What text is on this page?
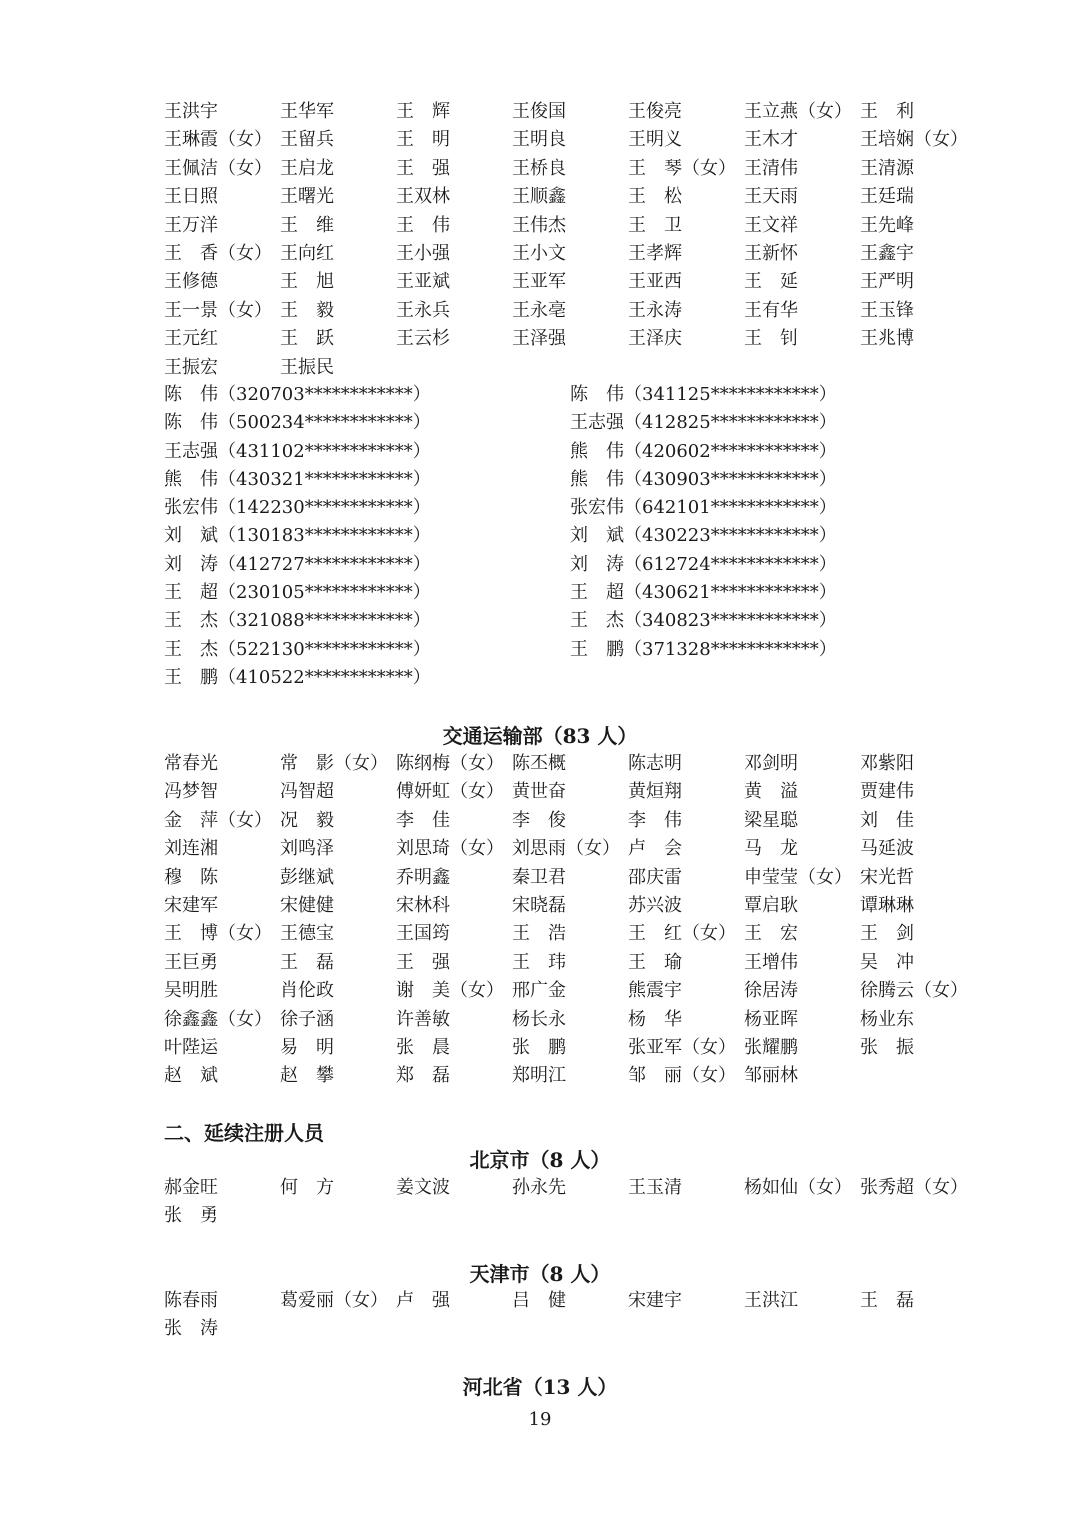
王洪宇	王华军	王　辉	王俊国	王俊亮	王立燕（女） 王　利
王琳霞（女） 王留兵	王　明	王明良	王明义	王木才	王培娴（女）
王佩洁（女） 王启龙	王　强	王桥良	王　琴（女） 王清伟	王清源
王日照	王曙光	王双林	王顺鑫	王　松	王天雨	王廷瑞
王万洋	王　维	王　伟	王伟杰	王　卫	王文祥	王先峰
王　香（女） 王向红	王小强	王小文	王孝辉	王新怀	王鑫宇
王修德	王　旭	王亚斌	王亚军	王亚西	王　延	王严明
王一景（女） 王　毅	王永兵	王永亳	王永涛	王有华	王玉锋
王元红	王　跃	王云杉	王泽强	王泽庆	王　钊	王兆博
王振宏	王振民
陈　伟（320703************）	陈　伟（341125************）
陈　伟（500234************）	王志强（412825************）
王志强（431102************）	熊　伟（420602************）
熊　伟（430321************）	熊　伟（430903************）
张宏伟（142230************）	张宏伟（642101************）
刘　斌（130183************）	刘　斌（430223************）
刘　涛（412727************）	刘　涛（612724************）
王　超（230105************）	王　超（430621************）
王　杰（321088************）	王　杰（340823************）
王　杰（522130************）	王　鹏（371328************）
王　鹏（410522************）
交通运输部（83 人）
常春光	常　影（女） 陈纲梅（女） 陈丕概	陈志明	邓剑明	邓紫阳
冯梦智	冯智超	傅妍虹（女） 黄世奋	黄烜翔	黄　溢	贾建伟
金　萍（女） 况　毅	李　佳	李　俊	李　伟	梁星聪	刘　佳
刘连湘	刘鸣泽	刘思琦（女） 刘思雨（女） 卢　会	马　龙	马延波
穆　陈	彭继斌	乔明鑫	秦卫君	邵庆雷	申莹莹（女） 宋光哲
宋建军	宋健健	宋林科	宋晓磊	苏兴波	覃启耿	谭琳琳
王　博（女） 王德宝	王国筠	王　浩	王　红（女） 王　宏	王　剑
王巨勇	王　磊	王　强	王　玮	王　瑜	王增伟	吴　冲
吴明胜	肖伦政	谢　美（女） 邢广金	熊震宇	徐居涛	徐腾云（女）
徐鑫鑫（女） 徐子涵	许善敏	杨长永	杨　华	杨亚晖	杨业东
叶陛运	易　明	张　晨	张　鹏	张亚军（女） 张耀鹏	张　振
赵　斌	赵　攀	郑　磊	郑明江	邹　丽（女） 邹丽林
二、延续注册人员
北京市（8 人）
郝金旺	何　方	姜文波	孙永先	王玉清	杨如仙（女） 张秀超（女）
张　勇
天津市（8 人）
陈春雨	葛爱丽（女） 卢　强	吕　健	宋建宇	王洪江	王　磊
张　涛
河北省（13 人）
19
